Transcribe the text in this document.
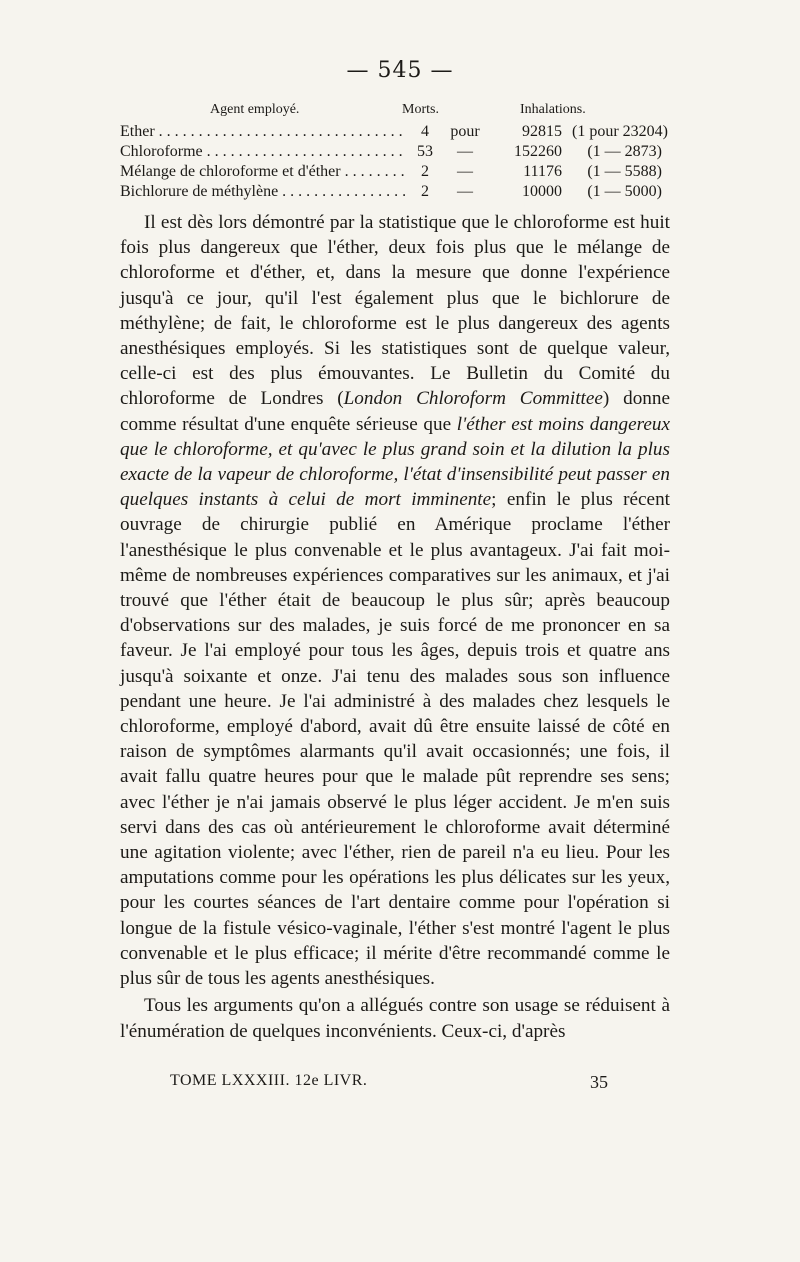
— 545 —
Agent employé.	Morts.	Inhalations.
Ether . . .	4	pour	92815 (1 pour 23204)
Chloroforme . . .	53	—	152260	(1 — 2873)
Mélange de chloroforme et d'éther . . .	2	—	11176	(1 — 5588)
Bichlorure de méthylène . . .	2	—	10000	(1 — 5000)

Il est dès lors démontré par la statistique que le chloroforme est huit fois plus dangereux que l'éther, deux fois plus que le mélange de chloroforme et d'éther, et, dans la mesure que donne l'expérience jusqu'à ce jour, qu'il l'est également plus que le bichlorure de méthylène; de fait, le chloroforme est le plus dangereux des agents anesthésiques employés. Si les statistiques sont de quelque valeur, celle-ci est des plus émouvantes. Le Bulletin du Comité du chloroforme de Londres (London Chloroform Committee) donne comme résultat d'une enquête sérieuse que l'éther est moins dangereux que le chloroforme, et qu'avec le plus grand soin et la dilution la plus exacte de la vapeur de chloroforme, l'état d'insensibilité peut passer en quelques instants à celui de mort imminente; enfin le plus récent ouvrage de chirurgie publié en Amérique proclame l'éther l'anesthésique le plus convenable et le plus avantageux. J'ai fait moi-même de nombreuses expériences comparatives sur les animaux, et j'ai trouvé que l'éther était de beaucoup le plus sûr; après beaucoup d'observations sur des malades, je suis forcé de me prononcer en sa faveur. Je l'ai employé pour tous les âges, depuis trois et quatre ans jusqu'à soixante et onze. J'ai tenu des malades sous son influence pendant une heure. Je l'ai administré à des malades chez lesquels le chloroforme, employé d'abord, avait dû être ensuite laissé de côté en raison de symptômes alarmants qu'il avait occasionnés; une fois, il avait fallu quatre heures pour que le malade pût reprendre ses sens; avec l'éther je n'ai jamais observé le plus léger accident. Je m'en suis servi dans des cas où antérieurement le chloroforme avait déterminé une agitation violente; avec l'éther, rien de pareil n'a eu lieu. Pour les amputations comme pour les opérations les plus délicates sur les yeux, pour les courtes séances de l'art dentaire comme pour l'opération si longue de la fistule vésico-vaginale, l'éther s'est montré l'agent le plus convenable et le plus efficace; il mérite d'être recommandé comme le plus sûr de tous les agents anesthésiques.

Tous les arguments qu'on a allégués contre son usage se réduisent à l'énumération de quelques inconvénients. Ceux-ci, d'après

TOME LXXXIII. 12e LIVR.	35
